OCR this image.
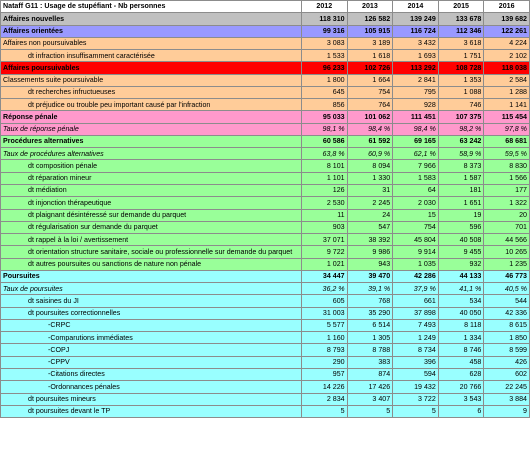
Nataff G11 : Usage de stupéfiant - Nb personnes	2012	2013	2014	2015	2016
Affaires nouvelles	118 310	126 582	139 249	133 678	139 682
Affaires orientées	99 316	105 915	116 724	112 346	122 261
Affaires non poursuivables	3 083	3 189	3 432	3 618	4 224
dt infraction insuffisamment caractérisée	1 533	1 618	1 693	1 751	2 102
Affaires poursuivables	96 233	102 726	113 292	108 728	118 038
Classements suite poursuivable	1 800	1 664	2 841	1 353	2 584
dt recherches infructueuses	645	754	795	1 088	1 288
dt préjudice ou trouble peu important causé par l'infraction	856	764	928	746	1 141
Réponse pénale	95 033	101 062	111 451	107 375	115 454
Taux de réponse pénale	98,1 %	98,4 %	98,4 %	98,2 %	97,8 %
Procédures alternatives	60 586	61 592	69 165	63 242	68 681
Taux de procédures alternatives	63,8 %	60,9 %	62,1 %	58,9 %	59,5 %
dt composition pénale	8 101	8 094	7 966	8 373	8 830
dt réparation mineur	1 101	1 330	1 583	1 587	1 566
dt médiation	126	31	64	181	177
dt injonction thérapeutique	2 530	2 245	2 030	1 651	1 322
dt plaignant désintéressé sur demande du parquet	11	24	15	19	20
dt régularisation sur demande du parquet	903	547	754	596	701
dt rappel à la loi / avertissement	37 071	38 392	45 804	40 508	44 566
dt orientation structure sanitaire, sociale ou professionnelle sur demande du parquet	9 722	9 986	9 914	9 455	10 265
dt autres poursuites ou sanctions de nature non pénale	1 021	943	1 035	932	1 235
Poursuites	34 447	39 470	42 286	44 133	46 773
Taux de poursuites	36,2 %	39,1 %	37,9 %	41,1 %	40,5 %
dt saisines du JI	605	768	661	534	544
dt poursuites correctionnelles	31 003	35 290	37 898	40 050	42 336
-CRPC	5 577	6 514	7 493	8 118	8 615
-Comparutions immédiates	1 160	1 305	1 249	1 334	1 850
-COPJ	8 793	8 788	8 734	8 746	8 599
-CPPV	290	383	396	458	426
-Citations directes	957	874	594	628	602
-Ordonnances pénales	14 226	17 426	19 432	20 766	22 245
dt poursuites mineurs	2 834	3 407	3 722	3 543	3 884
dt poursuites devant le TP	5	5	5	6	9
